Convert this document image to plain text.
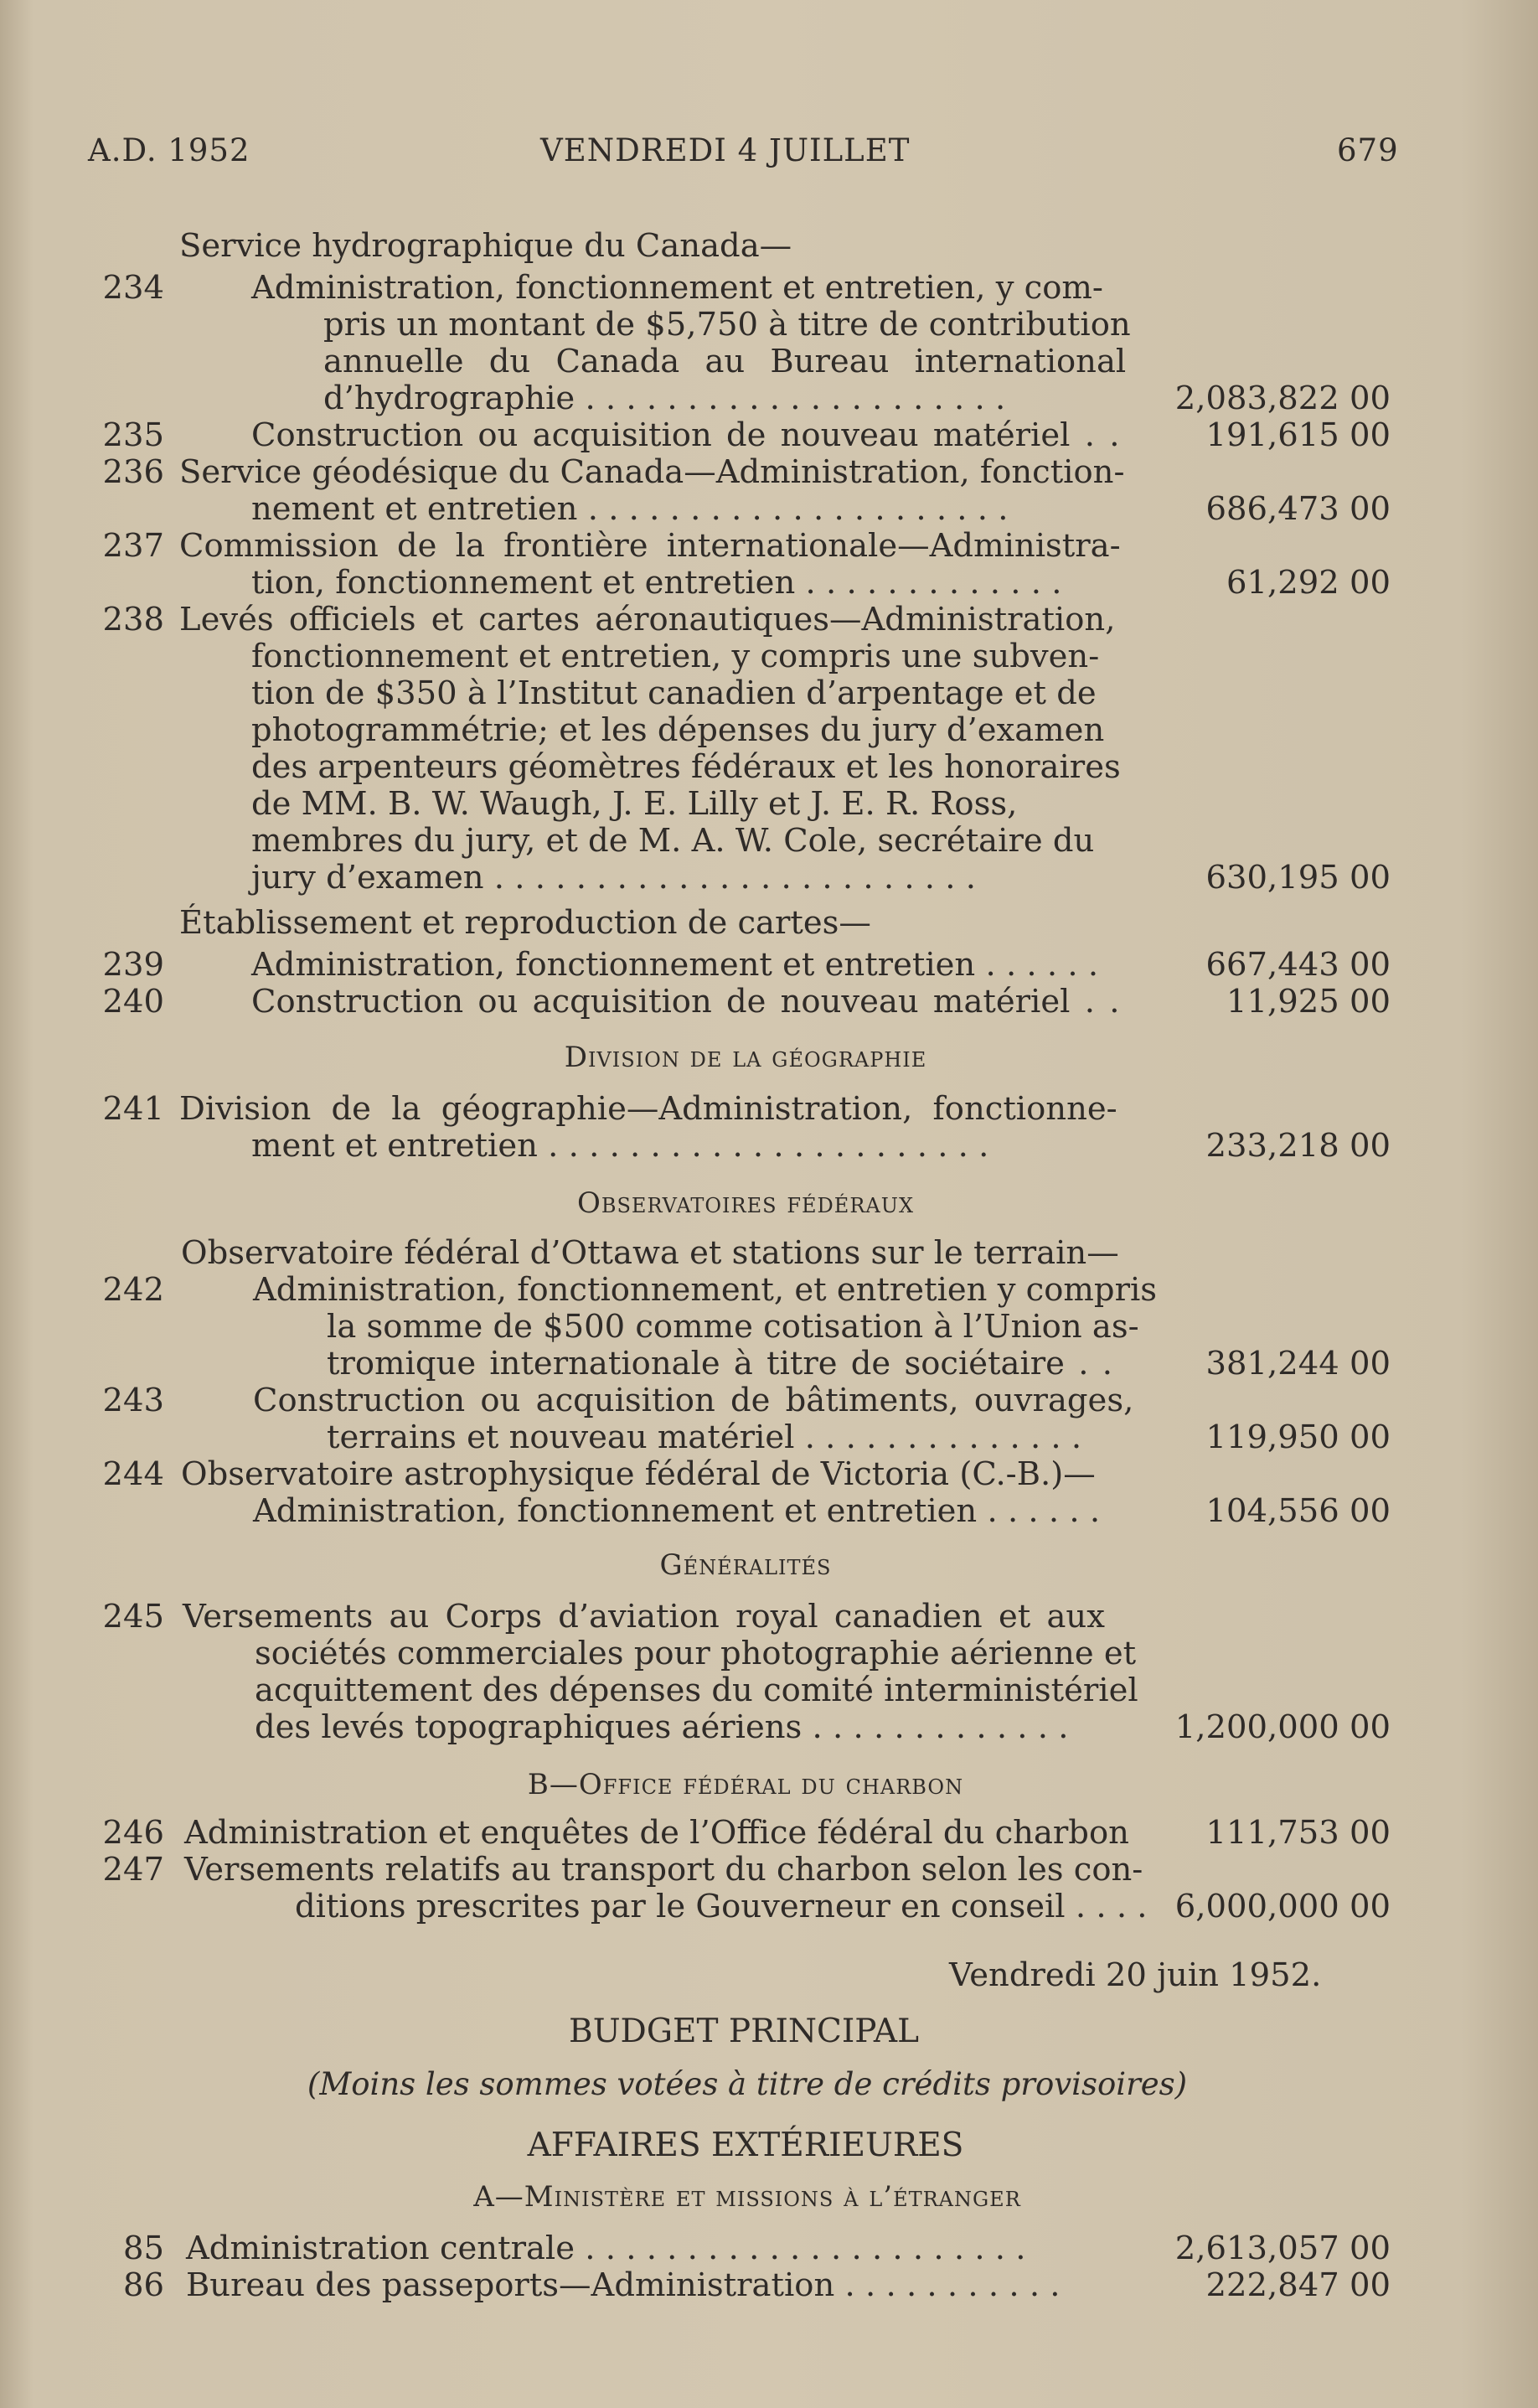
A.D. 1952	VENDREDI 4 JUILLET	679
Service hydrographique du Canada—
234	Administration, fonctionnement et entretien, y com-
pris un montant de $5,750 à titre de contribution
annuelle du Canada au Bureau international
d’hydrographie . . . . . . . . . . . . . . . . . . . . .	2,083,822 00
235	Construction ou acquisition de nouveau matériel . .	191,615 00
236 Service géodésique du Canada—Administration, fonction-
nement et entretien . . . . . . . . . . . . . . . . . . . . .	686,473 00
237 Commission de la frontière internationale—Administra-
tion, fonctionnement et entretien . . . . . . . . . . . . .	61,292 00
238 Levés officiels et cartes aéronautiques—Administration,
fonctionnement et entretien, y compris une subven-
tion de $350 à l’Institut canadien d’arpentage et de
photogrammétrie; et les dépenses du jury d’examen
des arpenteurs géomètres fédéraux et les honoraires
de MM. B. W. Waugh, J. E. Lilly et J. E. R. Ross,
membres du jury, et de M. A. W. Cole, secrétaire du
jury d’examen . . . . . . . . . . . . . . . . . . . . . . . .	630,195 00
Établissement et reproduction de cartes—
239	Administration, fonctionnement et entretien . . . . . .	667,443 00
240	Construction ou acquisition de nouveau matériel . .	11,925 00
Division de la géographie
241 Division de la géographie—Administration, fonctionne-
ment et entretien . . . . . . . . . . . . . . . . . . . . . .	233,218 00
Observatoires fédéraux
Observatoire fédéral d’Ottawa et stations sur le terrain—
242	Administration, fonctionnement, et entretien y compris
la somme de $500 comme cotisation à l’Union as-
tromique internationale à titre de sociétaire . .	381,244 00
243	Construction ou acquisition de bâtiments, ouvrages,
terrains et nouveau matériel . . . . . . . . . . . . . .	119,950 00
244 Observatoire astrophysique fédéral de Victoria (C.-B.)—
Administration, fonctionnement et entretien . . . . . .	104,556 00
Généralités
245 Versements au Corps d’aviation royal canadien et aux
sociétés commerciales pour photographie aérienne et
acquittement des dépenses du comité interministériel
des levés topographiques aériens . . . . . . . . . . . . .	1,200,000 00
B—Office fédéral du charbon
246 Administration et enquêtes de l’Office fédéral du charbon	111,753 00
247 Versements relatifs au transport du charbon selon les con-
ditions prescrites par le Gouverneur en conseil . . . . 6,000,000 00
Vendredi 20 juin 1952.
BUDGET PRINCIPAL
(Moins les sommes votées à titre de crédits provisoires)
AFFAIRES EXTÉRIEURES
A—Ministère et missions à l’étranger
85 Administration centrale . . . . . . . . . . . . . . . . . . . . . .	2,613,057 00
86 Bureau des passeports—Administration . . . . . . . . . . .	222,847 00
